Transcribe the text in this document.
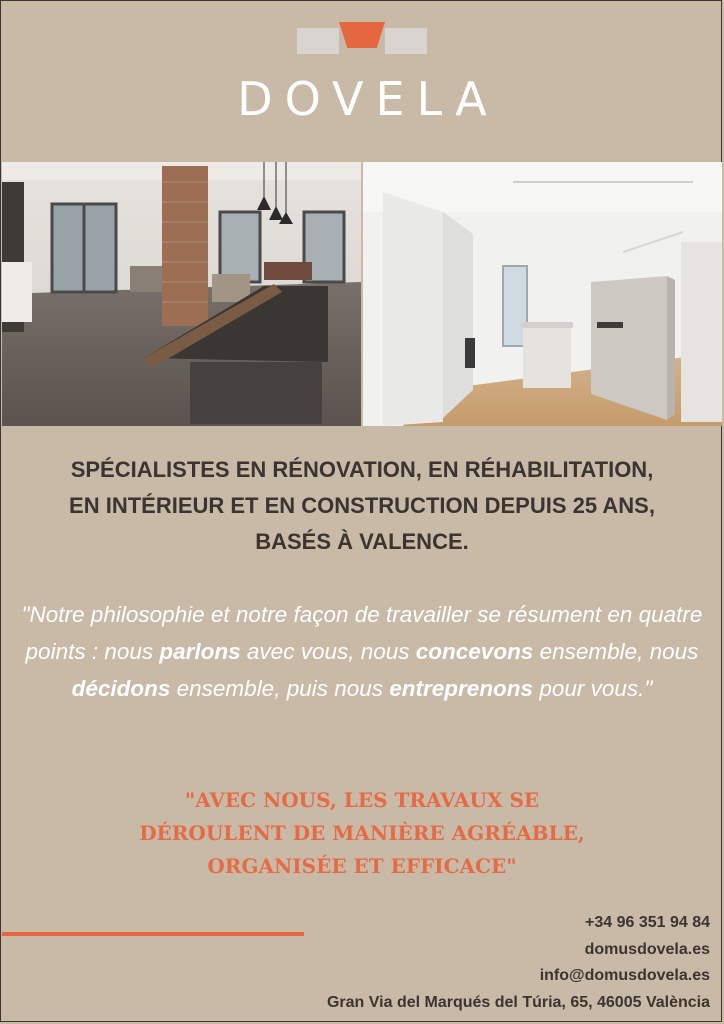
DOVELA

SPÉCIALISTES EN RÉNOVATION, EN RÉHABILITATION,
EN INTÉRIEUR ET EN CONSTRUCTION DEPUIS 25 ANS,
BASÉS À VALENCE.

"Notre philosophie et notre façon de travailler se résument en quatre points : nous parlons avec vous, nous concevons ensemble, nous décidons ensemble, puis nous entreprenons pour vous."

"AVEC NOUS, LES TRAVAUX SE
DÉROULENT DE MANIÈRE AGRÉABLE,
ORGANISÉE ET EFFICACE"

+34 96 351 94 84
domusdovela.es
info@domusdovela.es
Gran Via del Marqués del Túria, 65, 46005 València
